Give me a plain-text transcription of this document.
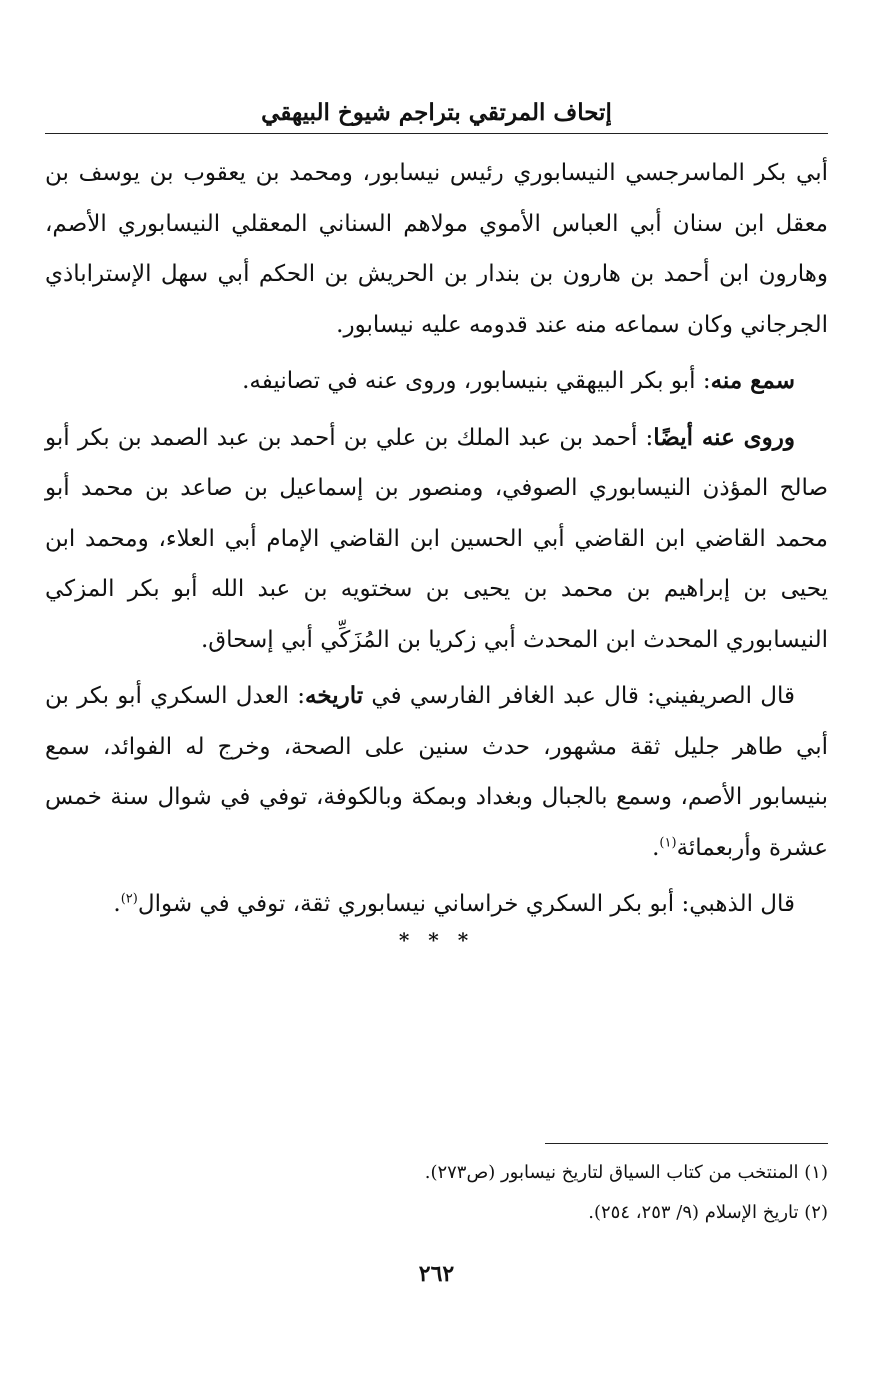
إتحاف المرتقي بتراجم شيوخ البيهقي

أبي بكر الماسرجسي النيسابوري رئيس نيسابور، ومحمد بن يعقوب بن يوسف بن معقل ابن سنان أبي العباس الأموي مولاهم السناني المعقلي النيسابوري الأصم، وهارون ابن أحمد بن هارون بن بندار بن الحريش بن الحكم أبي سهل الإستراباذي الجرجاني وكان سماعه منه عند قدومه عليه نيسابور.

سمع منه: أبو بكر البيهقي بنيسابور، وروى عنه في تصانيفه.

وروى عنه أيضًا: أحمد بن عبد الملك بن علي بن أحمد بن عبد الصمد بن بكر أبو صالح المؤذن النيسابوري الصوفي، ومنصور بن إسماعيل بن صاعد بن محمد أبو محمد القاضي ابن القاضي أبي الحسين ابن القاضي الإمام أبي العلاء، ومحمد ابن يحيى بن إبراهيم بن محمد بن يحيى بن سختويه بن عبد الله أبو بكر المزكي النيسابوري المحدث ابن المحدث أبي زكريا بن المُزَكِّي أبي إسحاق.

قال الصريفيني: قال عبد الغافر الفارسي في تاريخه: العدل السكري أبو بكر بن أبي طاهر جليل ثقة مشهور، حدث سنين على الصحة، وخرج له الفوائد، سمع بنيسابور الأصم، وسمع بالجبال وبغداد وبمكة وبالكوفة، توفي في شوال سنة خمس عشرة وأربعمائة$^{(١)}$.

قال الذهبي: أبو بكر السكري خراساني نيسابوري ثقة، توفي في شوال$^{(٢)}$.

* * *
(١) المنتخب من كتاب السياق لتاريخ نيسابور (ص٢٧٣).
(٢) تاريخ الإسلام (٩/ ٢٥٣، ٢٥٤).
٢٦٢
